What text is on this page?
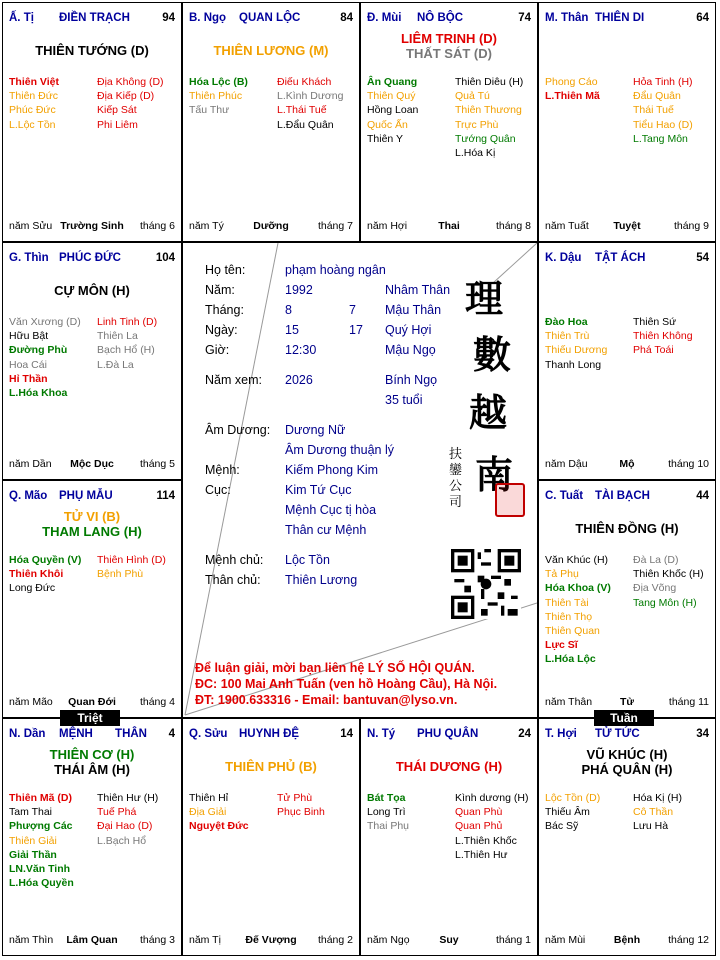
Ấ. Tị ĐIỀN TRẠCH	94
THIÊN TƯỚNG (D)
Thiên Việt
Thiên Đức
Phúc Đức
L.Lộc Tồn
Địa Không (D)
Địa Kiếp (D)
Kiếp Sát
Phi Liêm
năm Sửu Trường Sinh	tháng 6
B. Ngọ QUAN LỘC	84
THIÊN LƯƠNG (M)
Hóa Lộc (B)
Thiên Phúc
Tấu Thư
Điếu Khách
L.Kình Dương
L.Thái Tuế
L.Đẩu Quân
năm Tý	Dưỡng	tháng 7
Đ. Mùi NÔ BỘC	74
LIÊM TRINH (D)
THẤT SÁT (D)
Ân Quang
Thiên Quý
Hồng Loan
Quốc Ấn
Thiên Y
Thiên Diêu (H)
Quả Tú
Thiên Thương
Trực Phù
Tướng Quân
L.Hóa Kị
năm Hợi	Thai	tháng 8
M. Thân THIÊN DI	64
Phong Cáo
L.Thiên Mã
Hỏa Tinh (H)
Đẩu Quân
Thái Tuế
Tiểu Hao (D)
L.Tang Môn
năm Tuất	Tuyệt	tháng 9
G. Thìn PHÚC ĐỨC	104
CỰ MÔN (H)
Văn Xương (D)
Hữu Bật
Đường Phù
Hoa Cái
Hỉ Thần
L.Hóa Khoa
Linh Tinh (D)
Thiên La
Bạch Hổ (H)
L.Đà La
năm Dần	Mộc Dục	tháng 5
K. Dậu TẬT ÁCH	54
Đào Hoa
Thiên Trù
Thiếu Dương
Thanh Long
Thiên Sứ
Thiên Không
Phá Toái
năm Dậu	Mộ	tháng 10
Q. Mão PHỤ MẪU	114
TỬ VI (B)
THAM LANG (H)
Hóa Quyền (V)
Thiên Khôi
Long Đức
Thiên Hình (D)
Bệnh Phù
năm Mão	Quan Đới	tháng 4
C. Tuất TÀI BẠCH	44
THIÊN ĐỒNG (H)
Văn Khúc (H)
Tả Phụ
Hóa Khoa (V)
Thiên Tài
Thiên Thọ
Thiên Quan
Lực Sĩ
L.Hóa Lộc
Đà La (D)
Thiên Khốc (H)
Địa Võng
Tang Môn (H)
năm Thân	Tử	tháng 11
N. Dần MỆNH THÂN 4
THIÊN CƠ (H)
THÁI ÂM (H)
Thiên Mã (D)
Tam Thai
Phượng Các
Thiên Giải
Giải Thần
LN.Văn Tinh
L.Hóa Quyền
Thiên Hư (H)
Tuế Phá
Đại Hao (D)
L.Bạch Hổ
năm Thìn	Lâm Quan	tháng 3
Q. Sửu HUYNH ĐỆ	14
THIÊN PHỦ (B)
Thiên Hỉ
Địa Giải
Nguyệt Đức
Tử Phù
Phục Binh
năm Tị	Đế Vượng	tháng 2
N. Tý PHU QUÂN	24
THÁI DƯƠNG (H)
Bát Tọa
Long Trì
Thai Phụ
Kình dương (H)
Quan Phù
Quan Phủ
L.Thiên Khốc
L.Thiên Hư
năm Ngọ	Suy	tháng 1
T. Hợi TỬ TỨC	34
VŨ KHÚC (H)
PHÁ QUÂN (H)
Lộc Tồn (D)
Thiếu Âm
Bác Sỹ
Hóa Kị (H)
Cô Thần
Lưu Hà
năm Mùi	Bệnh	tháng 12
Họ tên:	phạm hoàng ngân
Năm:	1992	Nhâm Thân
Tháng:	8	7 Mậu Thân
Ngày:	15	17 Quý Hợi
Giờ:	12:30	Mậu Ngọ
Năm xem: 2026	Bính Ngọ
35 tuổi
Âm Dương: Dương Nữ
Âm Dương thuận lý
Mệnh:	Kiếm Phong Kim
Cục:	Kim Tứ Cục
Mệnh Cục tị hòa
Thân cư Mệnh
Mệnh chủ: Lộc Tồn
Thân chủ: Thiên Lương
理
數
越
南
扶鑾公司
Để luận giải, mời bạn liên hệ LÝ SỐ HỘI QUÁN.
ĐC: 100 Mai Anh Tuấn (ven hồ Hoàng Cầu), Hà Nội.
ĐT: 1900.633316 - Email: bantuvan@lyso.vn.
Triệt	Tuần
